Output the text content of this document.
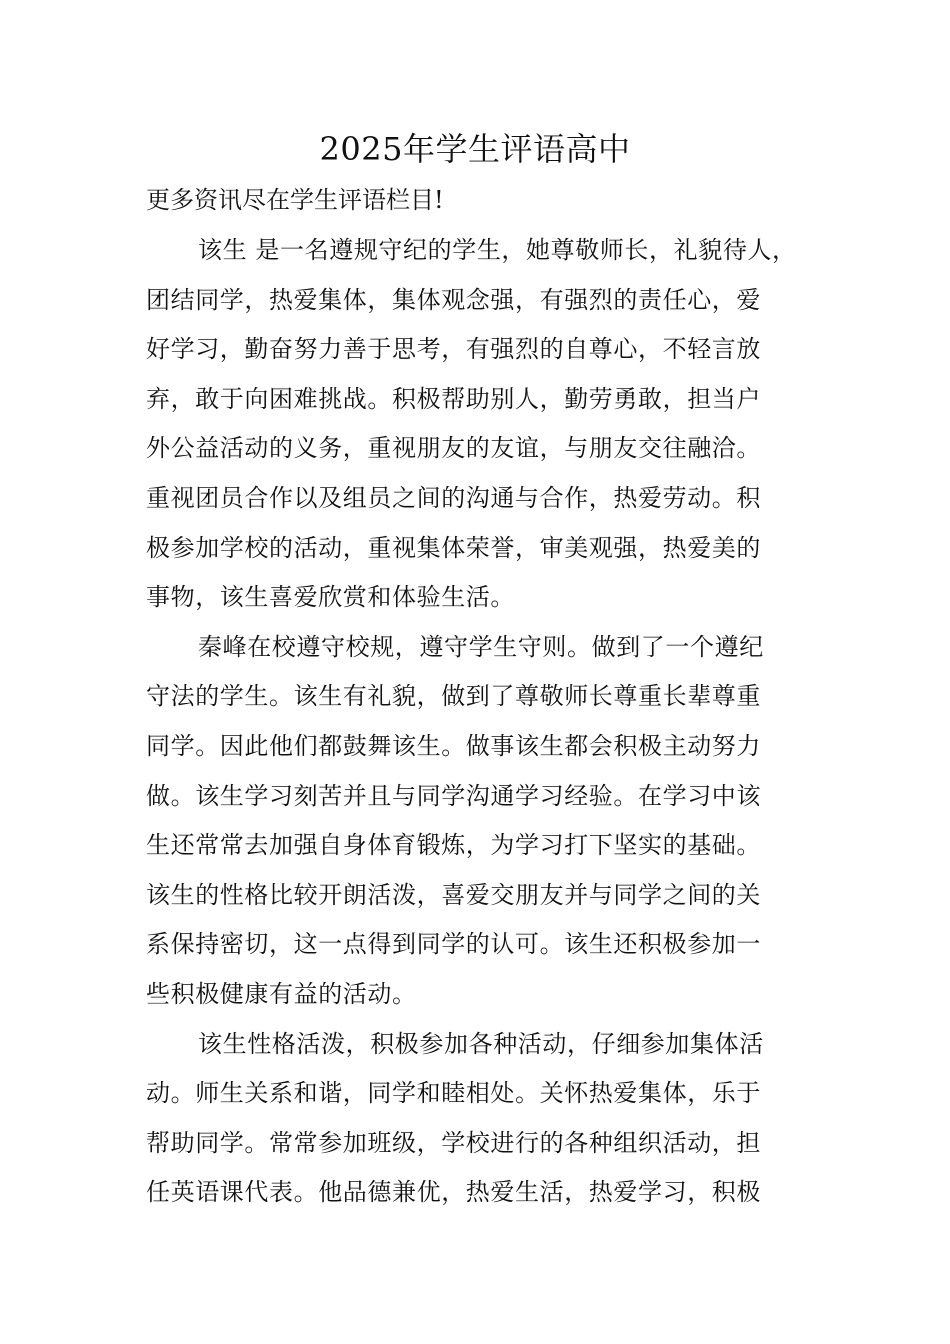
2025年学生评语高中
更多资讯尽在学生评语栏目!
该生 是一名遵规守纪的学生，她尊敬师长，礼貌待人，
团结同学，热爱集体，集体观念强，有强烈的责任心，爱
好学习，勤奋努力善于思考，有强烈的自尊心，不轻言放
弃，敢于向困难挑战。积极帮助别人，勤劳勇敢，担当户
外公益活动的义务，重视朋友的友谊，与朋友交往融洽。
重视团员合作以及组员之间的沟通与合作，热爱劳动。积
极参加学校的活动，重视集体荣誉，审美观强，热爱美的
事物，该生喜爱欣赏和体验生活。
秦峰在校遵守校规，遵守学生守则。做到了一个遵纪
守法的学生。该生有礼貌，做到了尊敬师长尊重长辈尊重
同学。因此他们都鼓舞该生。做事该生都会积极主动努力
做。该生学习刻苦并且与同学沟通学习经验。在学习中该
生还常常去加强自身体育锻炼，为学习打下坚实的基础。
该生的性格比较开朗活泼，喜爱交朋友并与同学之间的关
系保持密切，这一点得到同学的认可。该生还积极参加一
些积极健康有益的活动。
该生性格活泼，积极参加各种活动，仔细参加集体活
动。师生关系和谐，同学和睦相处。关怀热爱集体，乐于
帮助同学。常常参加班级，学校进行的各种组织活动，担
任英语课代表。他品德兼优，热爱生活，热爱学习，积极
